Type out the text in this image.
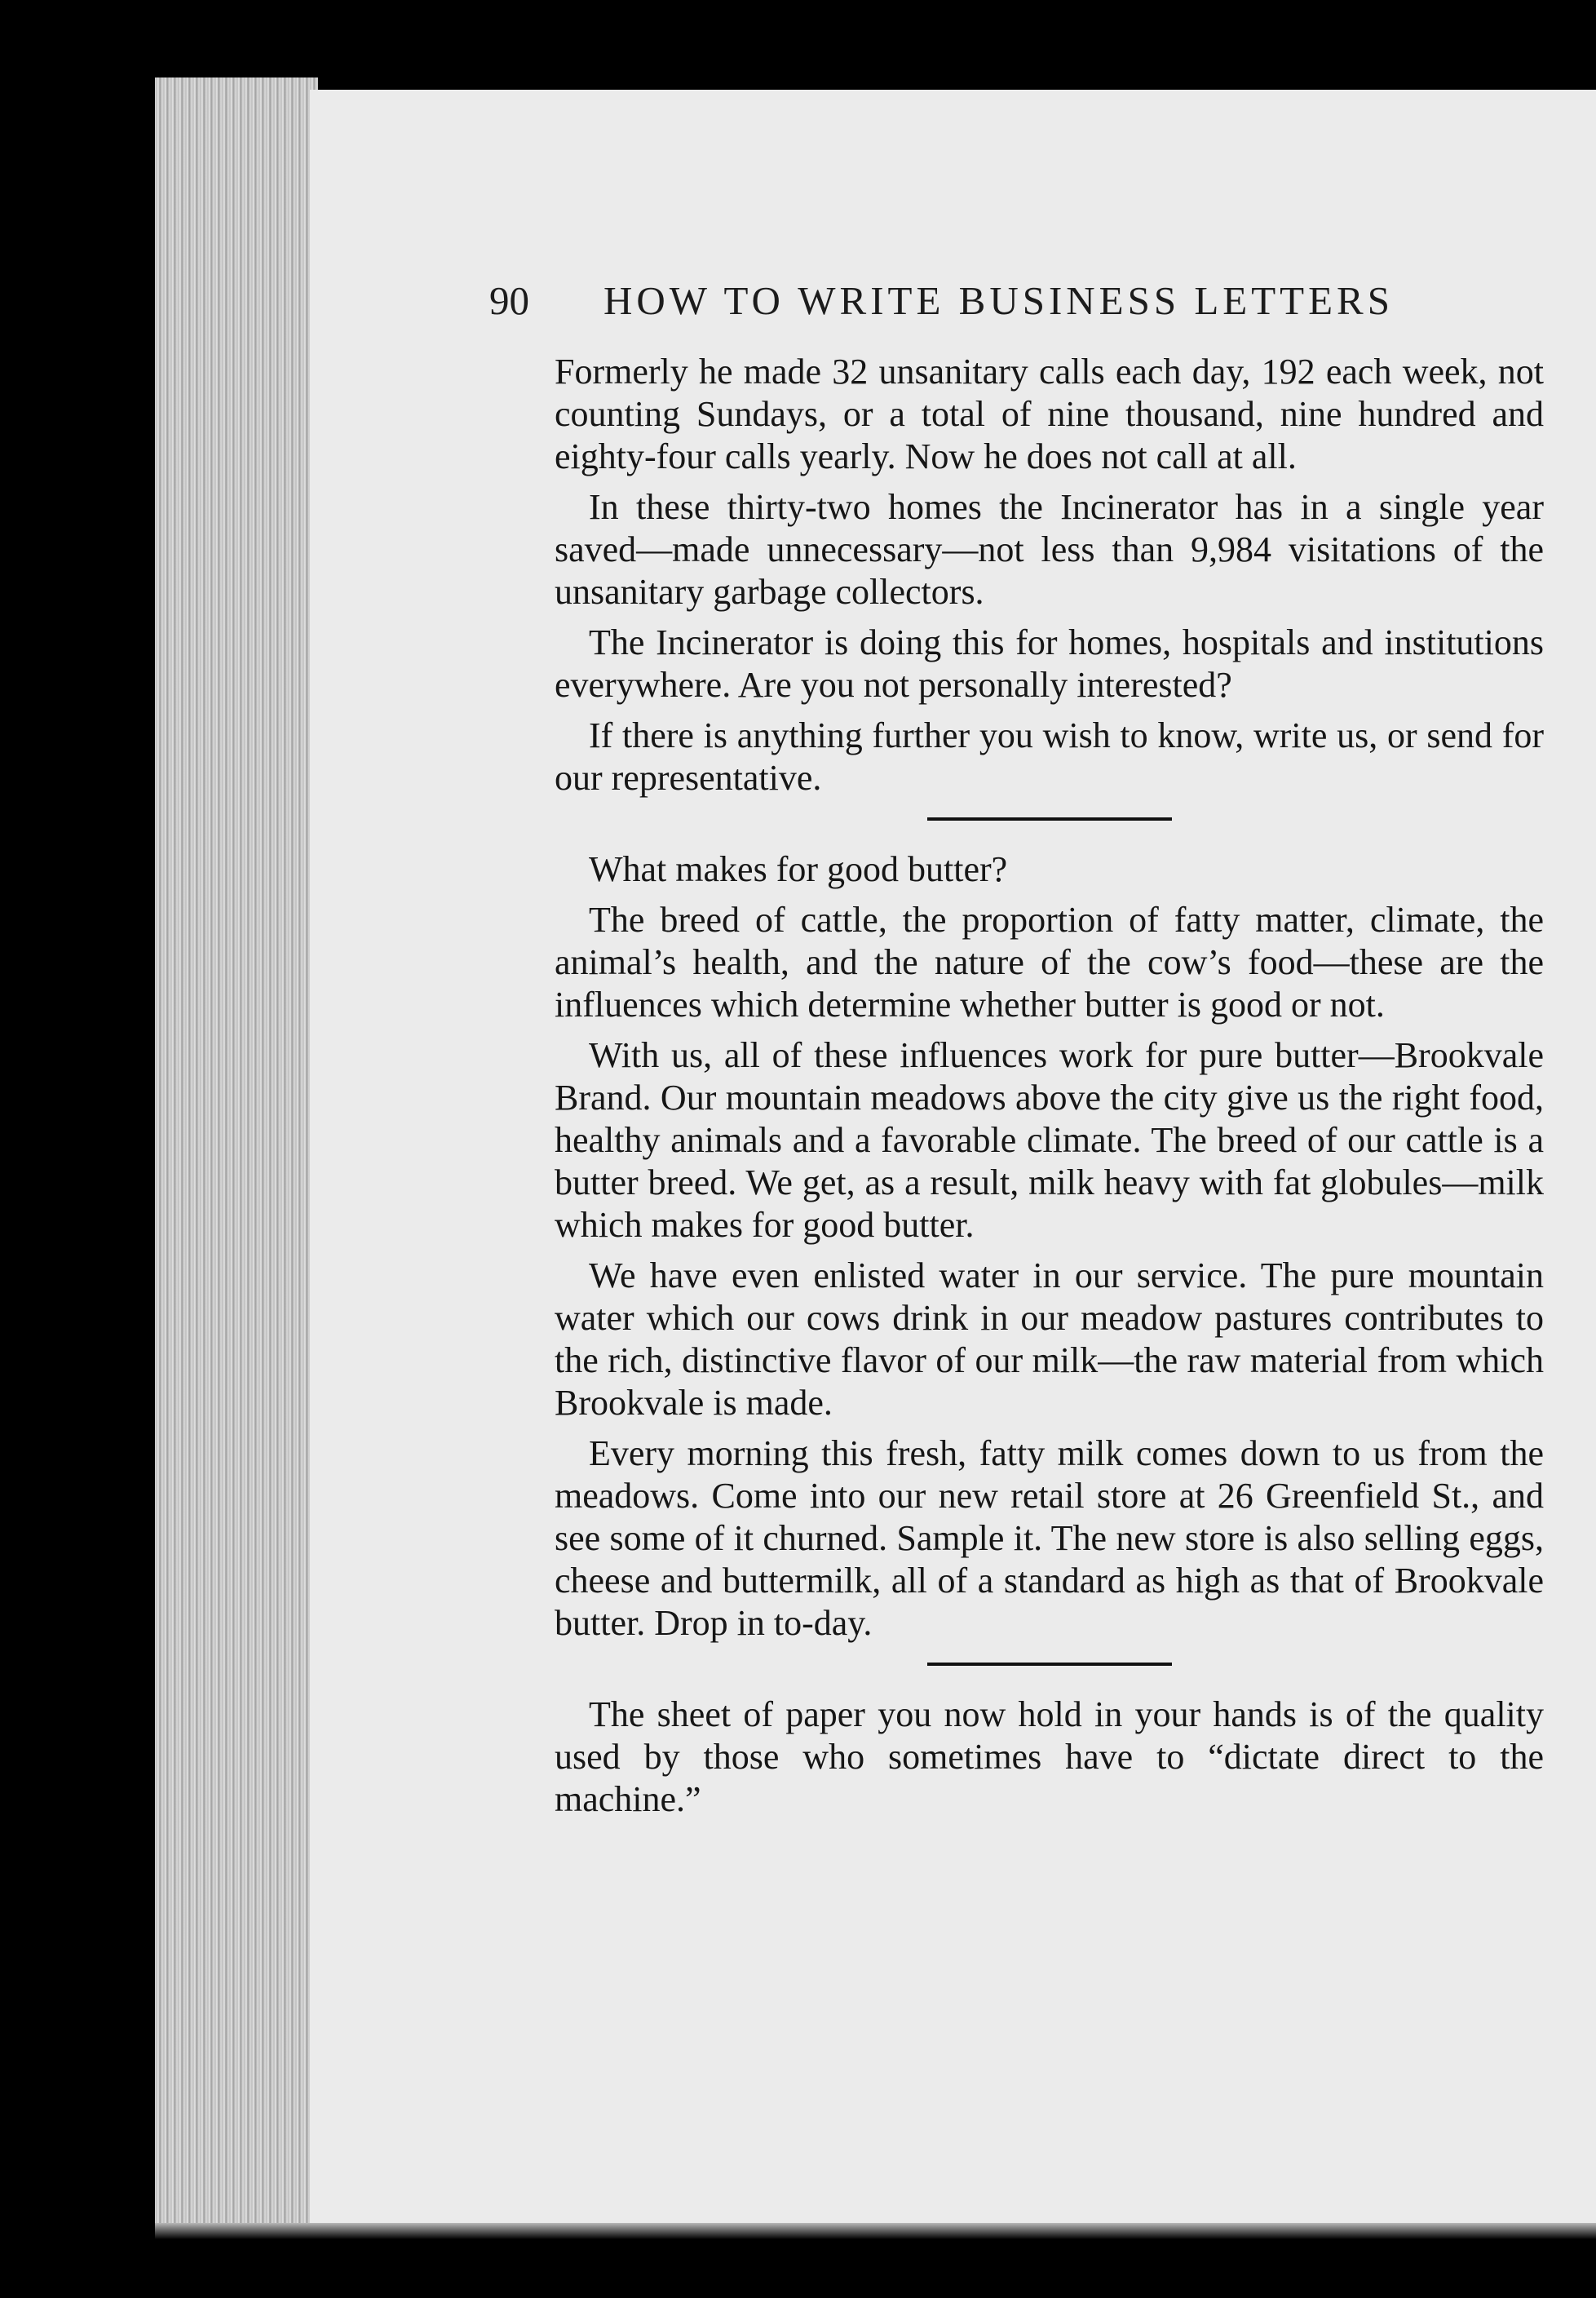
90	HOW TO WRITE BUSINESS LETTERS

Formerly he made 32 unsanitary calls each day, 192 each week, not counting Sundays, or a total of nine thousand, nine hundred and eighty-four calls yearly. Now he does not call at all.

In these thirty-two homes the Incinerator has in a single year saved—made unnecessary—not less than 9,984 visitations of the unsanitary garbage collectors.

The Incinerator is doing this for homes, hospitals and institutions everywhere. Are you not personally interested?

If there is anything further you wish to know, write us, or send for our representative.

What makes for good butter?

The breed of cattle, the proportion of fatty matter, climate, the animal’s health, and the nature of the cow’s food—these are the influences which determine whether butter is good or not.

With us, all of these influences work for pure butter—Brookvale Brand. Our mountain meadows above the city give us the right food, healthy animals and a favorable climate. The breed of our cattle is a butter breed. We get, as a result, milk heavy with fat globules—milk which makes for good butter.

We have even enlisted water in our service. The pure mountain water which our cows drink in our meadow pastures contributes to the rich, distinctive flavor of our milk—the raw material from which Brookvale is made.

Every morning this fresh, fatty milk comes down to us from the meadows. Come into our new retail store at 26 Greenfield St., and see some of it churned. Sample it. The new store is also selling eggs, cheese and buttermilk, all of a standard as high as that of Brookvale butter. Drop in to-day.

The sheet of paper you now hold in your hands is of the quality used by those who sometimes have to “dictate direct to the machine.”
